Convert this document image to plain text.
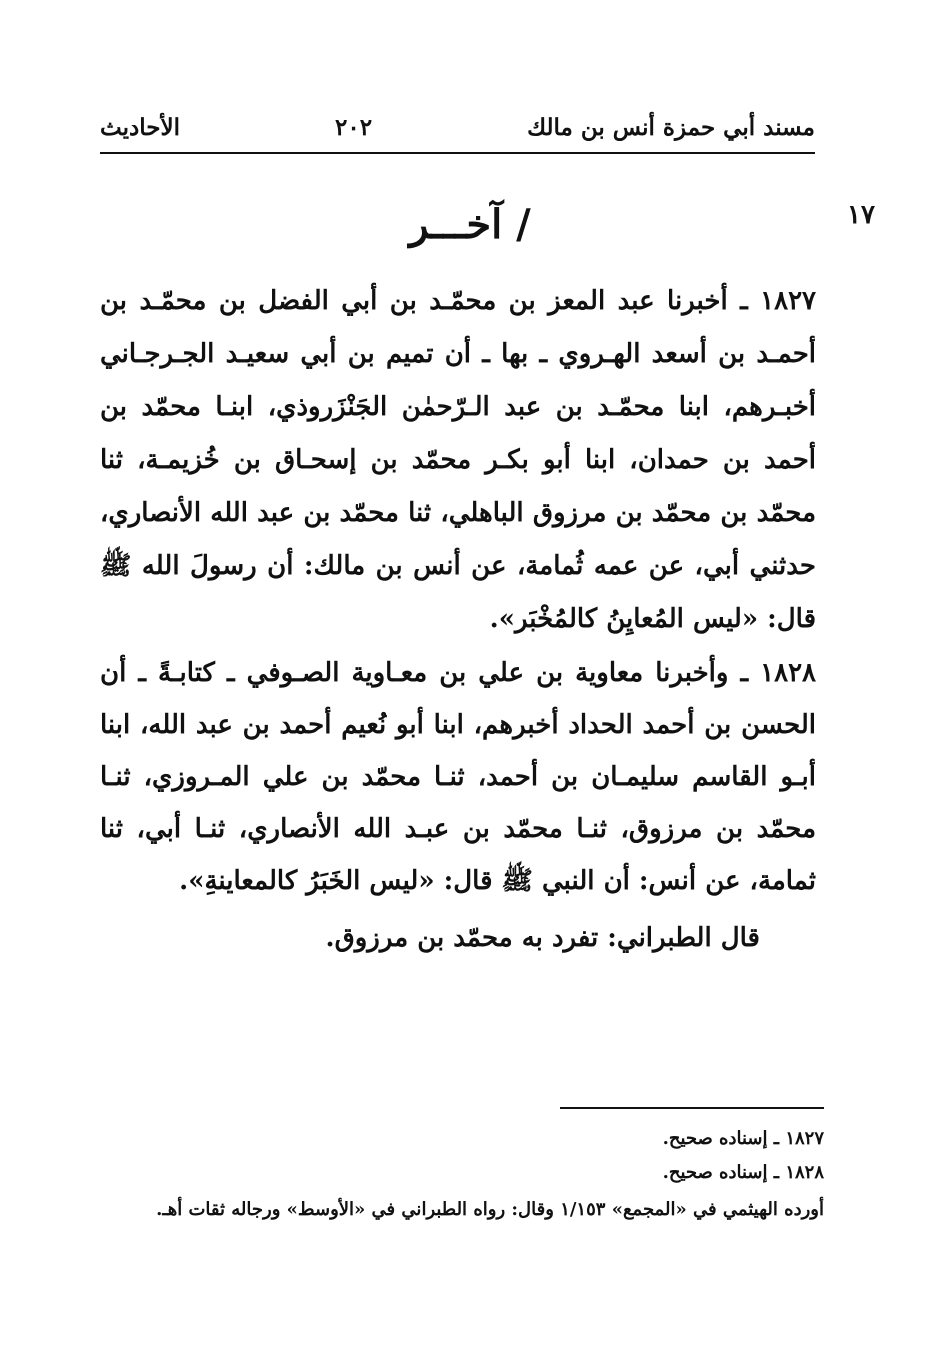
مسند أبي حمزة أنس بن مالك
٢٠٢
الأحاديث
١٧
/ آخـــر
١٨٢٧ ـ أخبرنا عبد المعز بن محمّـد بن أبي الفضل بن محمّـد بن أحمـد بن أسعد الهـروي ـ بها ـ أن تميم بن أبي سعيـد الجـرجـاني أخبـرهم، ابنا محمّـد بن عبد الـرّحمٰن الجَنْزَروذي، ابنـا محمّد بن أحمد بن حمدان، ابنا أبو بكـر محمّد بن إسحـاق بن خُزيمـة، ثنا محمّد بن محمّد بن مرزوق الباهلي، ثنا محمّد بن عبد الله الأنصاري، حدثني أبي، عن عمه ثُمامة، عن أنس بن مالك: أن رسولَ الله ﷺ قال: «ليس المُعايِنُ كالمُخْبَر».
١٨٢٨ ـ وأخبرنا معاوية بن علي بن معـاوية الصـوفي ـ كتابـةً ـ أن الحسن بن أحمد الحداد أخبرهم، ابنا أبو نُعيم أحمد بن عبد الله، ابنا أبـو القاسم سليمـان بن أحمد، ثنـا محمّد بن علي المـروزي، ثنـا محمّد بن مرزوق، ثنـا محمّد بن عبـد الله الأنصاري، ثنـا أبي، ثنا ثمامة، عن أنس: أن النبي ﷺ قال: «ليس الخَبَرُ كالمعاينةِ».
قال الطبراني: تفرد به محمّد بن مرزوق.
١٨٢٧ ـ إسناده صحيح.
١٨٢٨ ـ إسناده صحيح.
أورده الهيثمي في «المجمع» ١/١٥٣ وقال: رواه الطبراني في «الأوسط» ورجاله ثقات أهـ.
